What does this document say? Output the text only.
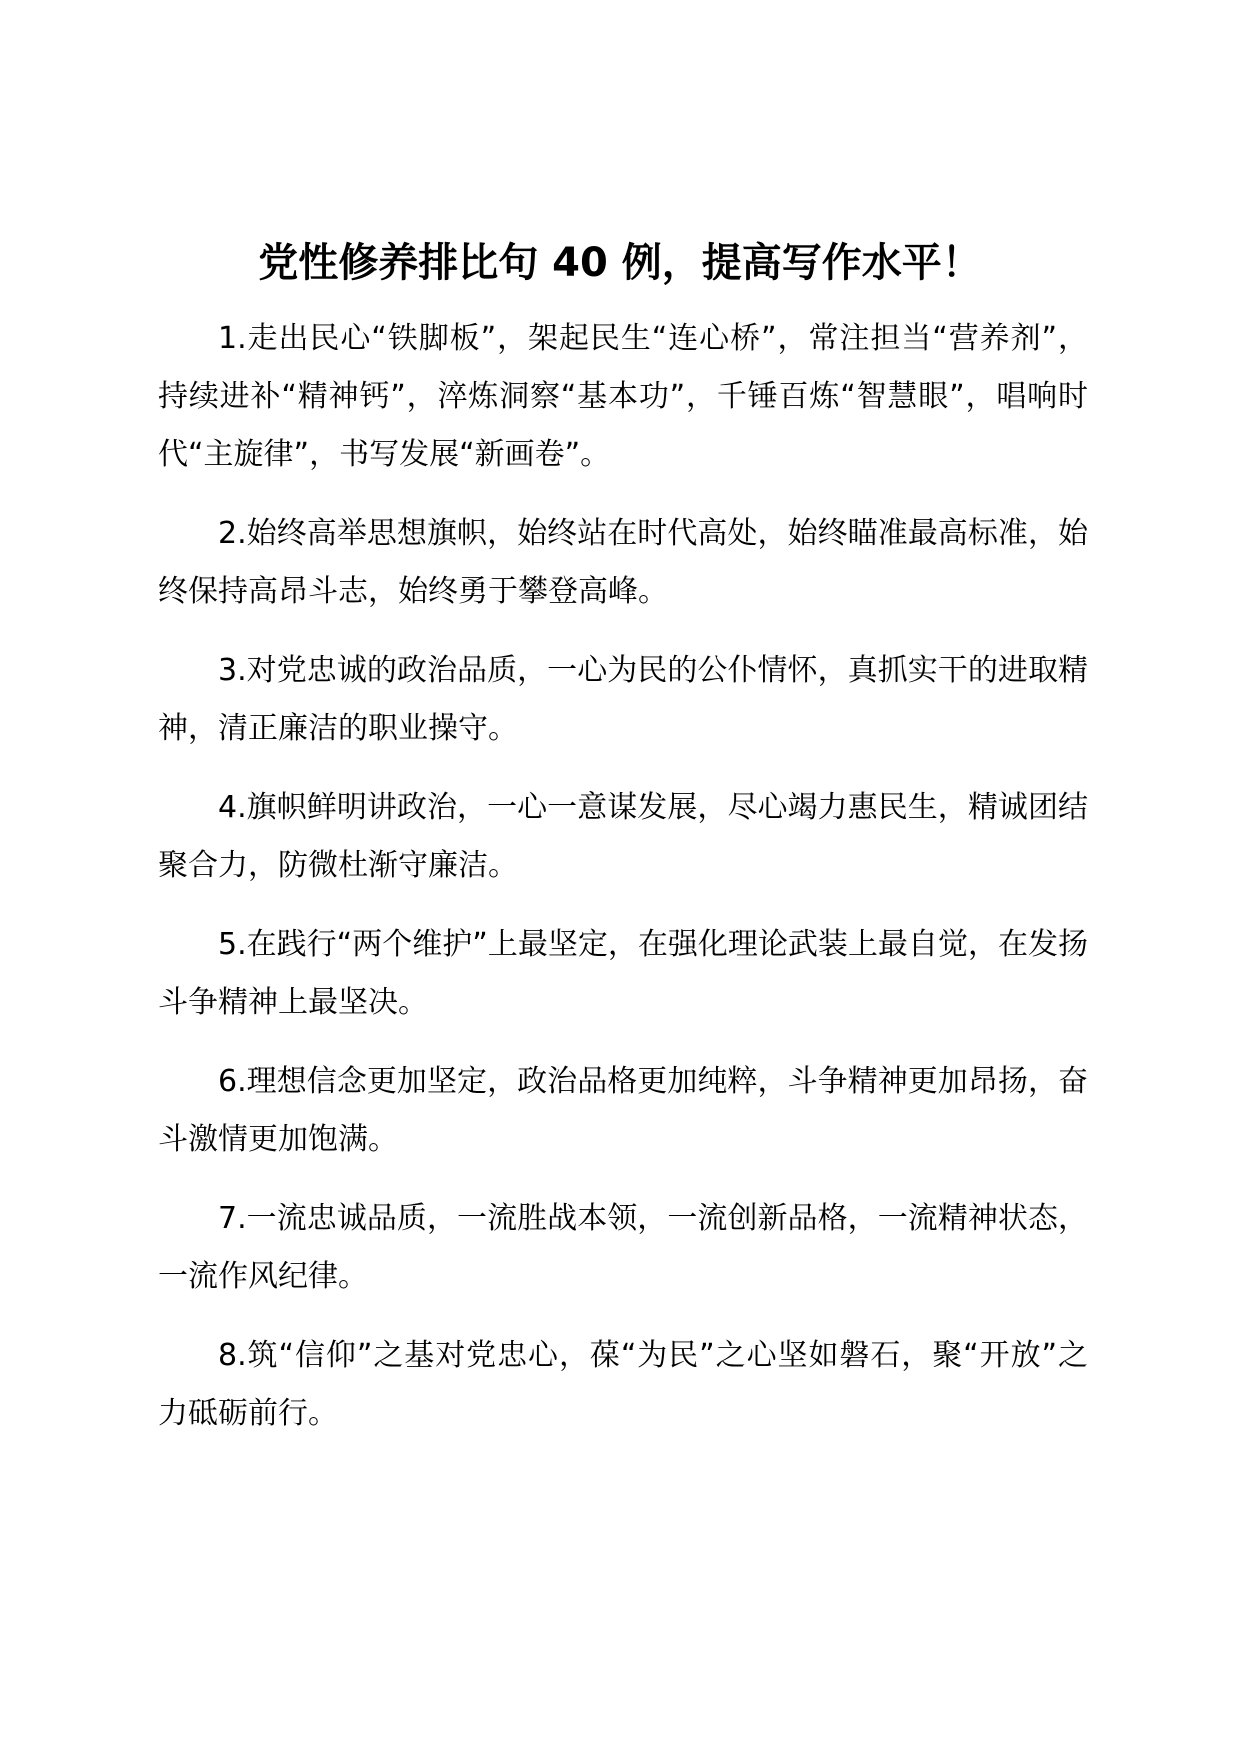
党性修养排比句 40 例，提高写作水平！

1.走出民心“铁脚板”，架起民生“连心桥”，常注担当“营养剂”，持续进补“精神钙”，淬炼洞察“基本功”，千锤百炼“智慧眼”，唱响时代“主旋律”，书写发展“新画卷”。

2.始终高举思想旗帜，始终站在时代高处，始终瞄准最高标准，始终保持高昂斗志，始终勇于攀登高峰。

3.对党忠诚的政治品质，一心为民的公仆情怀，真抓实干的进取精神，清正廉洁的职业操守。

4.旗帜鲜明讲政治，一心一意谋发展，尽心竭力惠民生，精诚团结聚合力，防微杜渐守廉洁。

5.在践行“两个维护”上最坚定，在强化理论武装上最自觉，在发扬斗争精神上最坚决。

6.理想信念更加坚定，政治品格更加纯粹，斗争精神更加昂扬，奋斗激情更加饱满。

7.一流忠诚品质，一流胜战本领，一流创新品格，一流精神状态，一流作风纪律。

8.筑“信仰”之基对党忠心，葆“为民”之心坚如磐石，聚“开放”之力砥砺前行。
